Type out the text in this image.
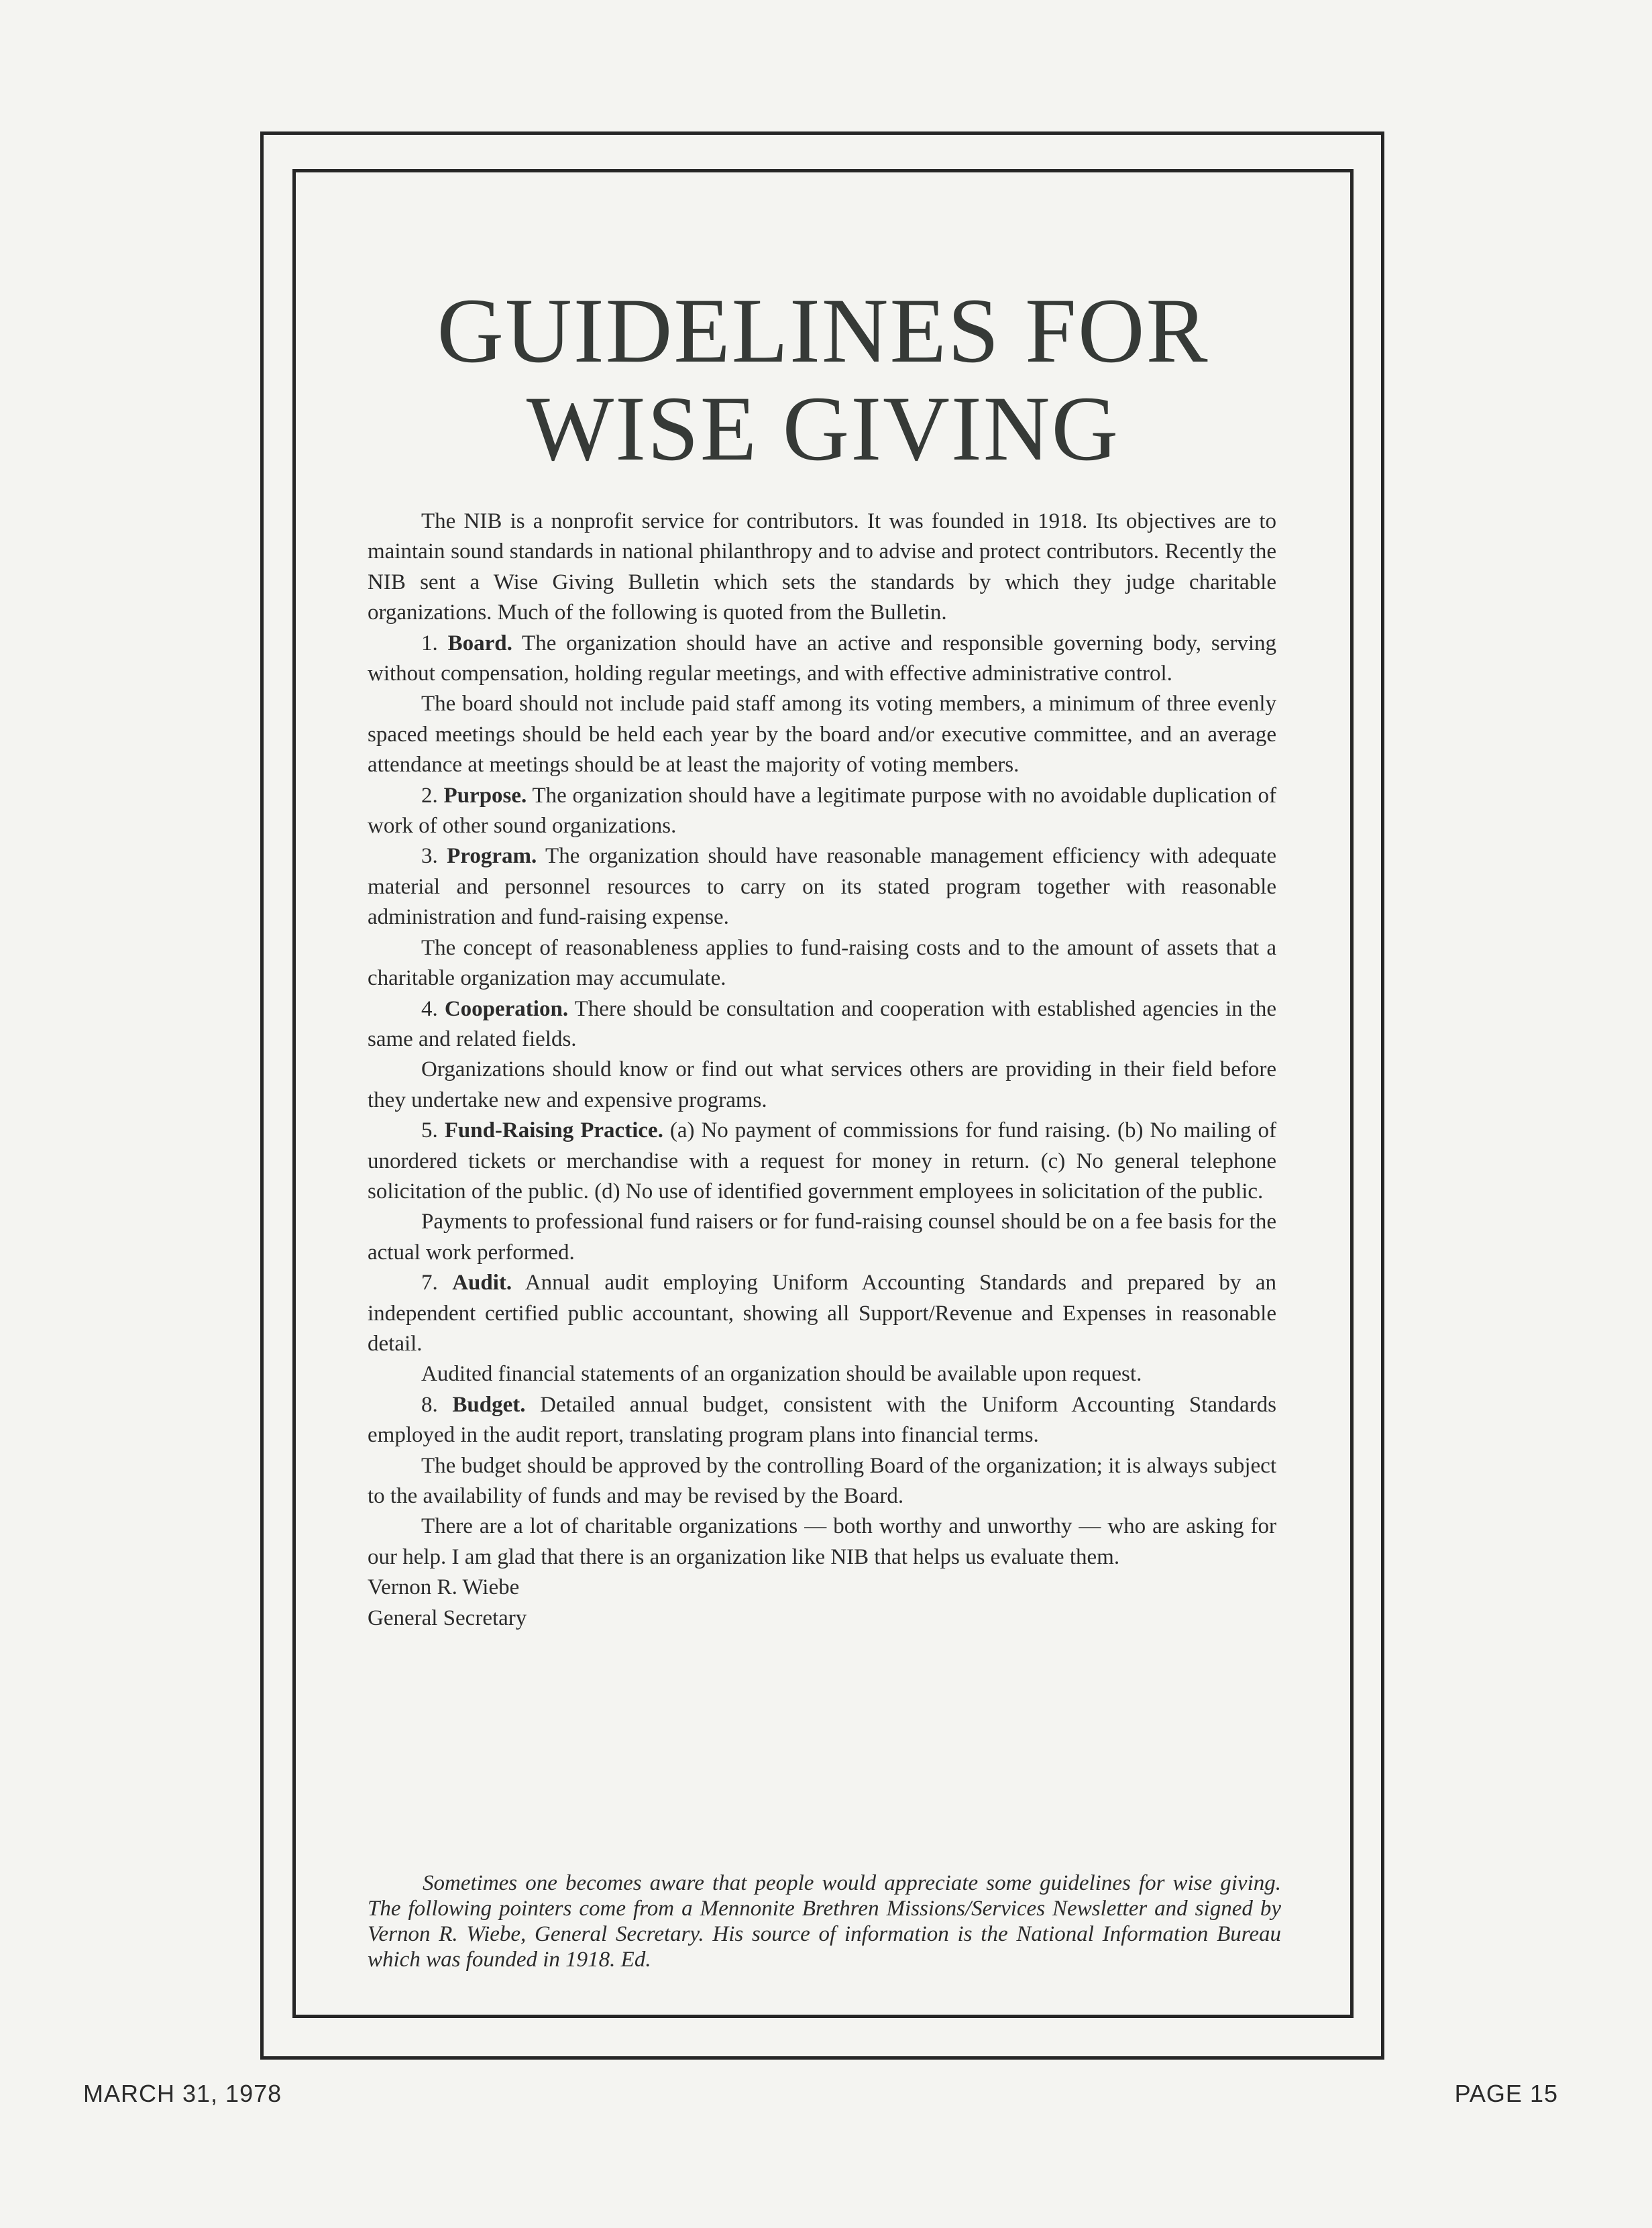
GUIDELINES FOR
WISE GIVING

The NIB is a nonprofit service for contributors. It was founded in 1918. Its objectives are to maintain sound standards in national philanthropy and to advise and protect contributors. Recently the NIB sent a Wise Giving Bulletin which sets the standards by which they judge charitable organizations. Much of the following is quoted from the Bulletin.

1. Board. The organization should have an active and responsible governing body, serving without compensation, holding regular meetings, and with effective administrative control.

The board should not include paid staff among its voting members, a minimum of three evenly spaced meetings should be held each year by the board and/or executive committee, and an average attendance at meetings should be at least the majority of voting members.

2. Purpose. The organization should have a legitimate purpose with no avoidable duplication of work of other sound organizations.

3. Program. The organization should have reasonable management efficiency with adequate material and personnel resources to carry on its stated program together with reasonable administration and fund-raising expense.

The concept of reasonableness applies to fund-raising costs and to the amount of assets that a charitable organization may accumulate.

4. Cooperation. There should be consultation and cooperation with established agencies in the same and related fields.

Organizations should know or find out what services others are providing in their field before they undertake new and expensive programs.

5. Fund-Raising Practice. (a) No payment of commissions for fund raising. (b) No mailing of unordered tickets or merchandise with a request for money in return. (c) No general telephone solicitation of the public. (d) No use of identified government employees in solicitation of the public.

Payments to professional fund raisers or for fund-raising counsel should be on a fee basis for the actual work performed.

7. Audit. Annual audit employing Uniform Accounting Standards and prepared by an independent certified public accountant, showing all Support/Revenue and Expenses in reasonable detail.

Audited financial statements of an organization should be available upon request.

8. Budget. Detailed annual budget, consistent with the Uniform Accounting Standards employed in the audit report, translating program plans into financial terms.

The budget should be approved by the controlling Board of the organization; it is always subject to the availability of funds and may be revised by the Board.

There are a lot of charitable organizations — both worthy and unworthy — who are asking for our help. I am glad that there is an organization like NIB that helps us evaluate them.

Vernon R. Wiebe

General Secretary

Sometimes one becomes aware that people would appreciate some guidelines for wise giving. The following pointers come from a Mennonite Brethren Missions/Services Newsletter and signed by Vernon R. Wiebe, General Secretary. His source of information is the National Information Bureau which was founded in 1918. Ed.

MARCH 31, 1978	PAGE 15
